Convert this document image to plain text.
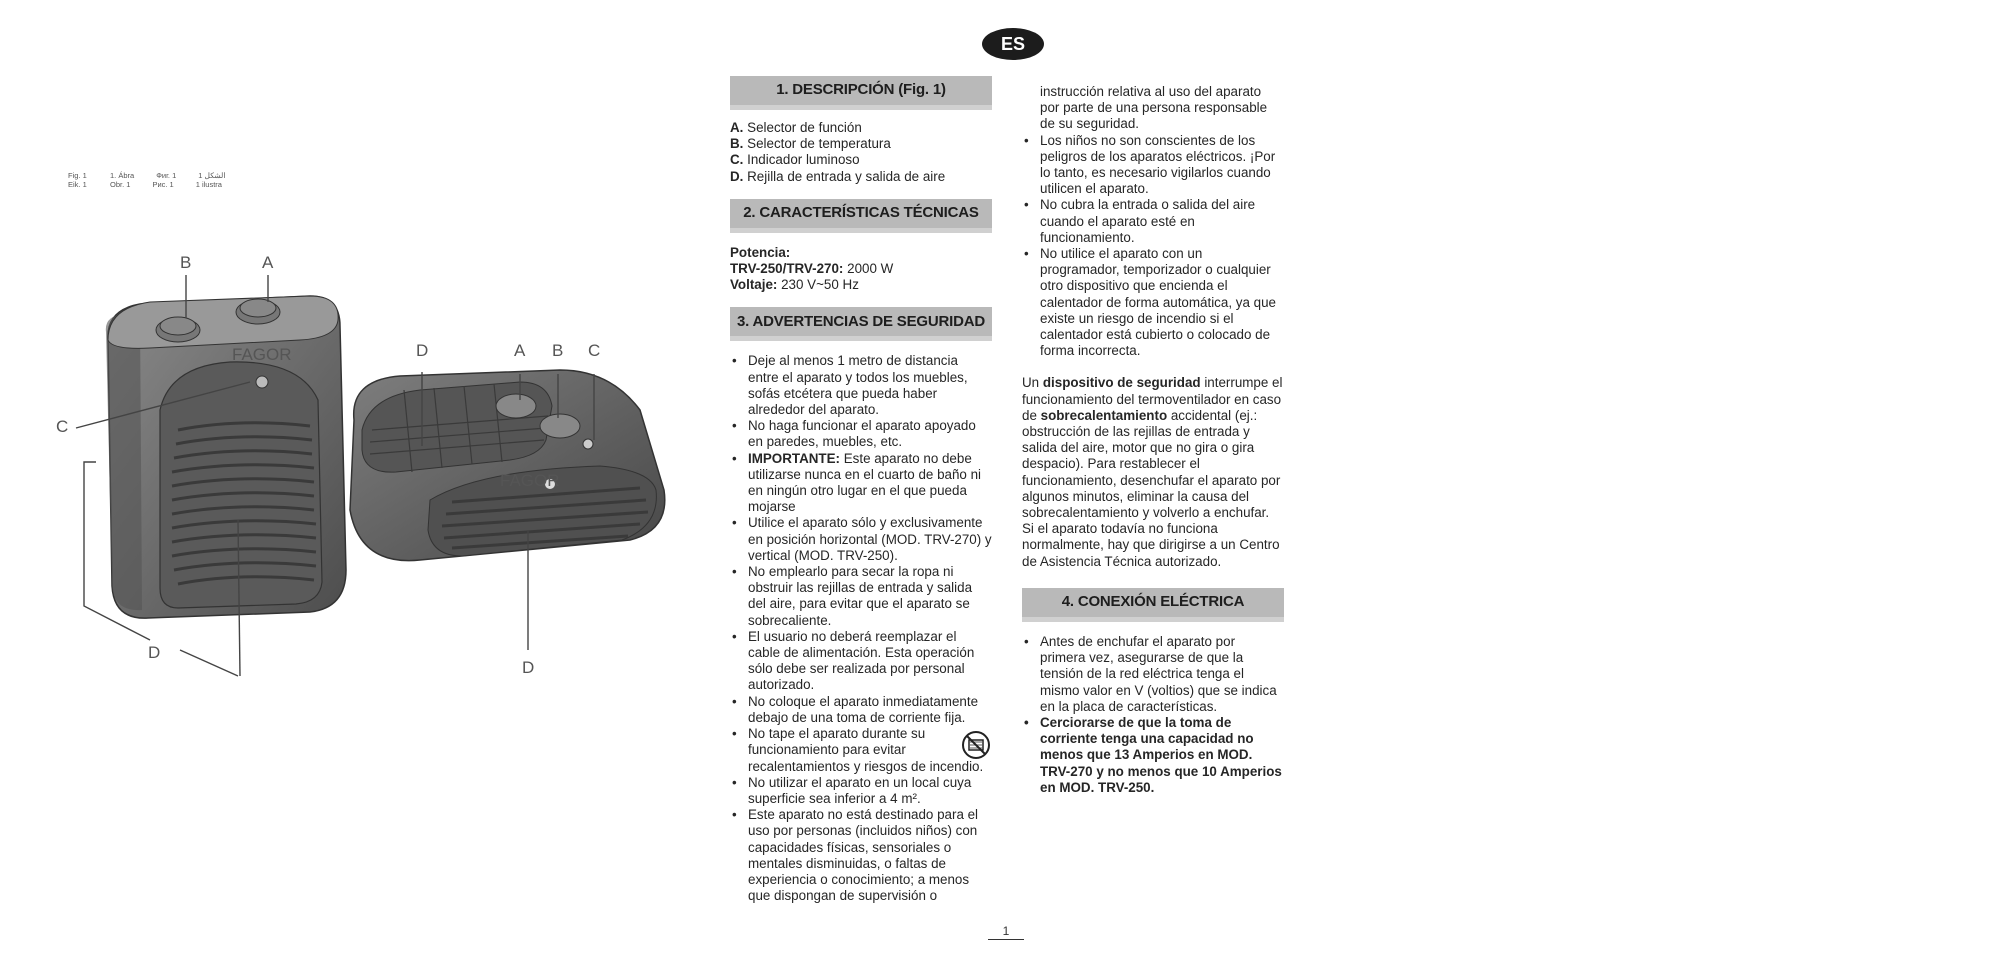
Fig. 1	1. Ábra	Фиг. 1	1 الشكل
Eik. 1	Obr. 1	Рис. 1	1 ilustra
FAGOR
FAGOR
B	A
C
D
D	A B C
D
ES
1. DESCRIPCIÓN (Fig. 1)
A. Selector de función
B. Selector de temperatura
C. Indicador luminoso
D. Rejilla de entrada y salida de aire
2. CARACTERÍSTICAS TÉCNICAS
Potencia:
TRV-250/TRV-270: 2000 W
Voltaje: 230 V~50 Hz
3. ADVERTENCIAS DE SEGURIDAD
• Deje al menos 1 metro de distancia entre el aparato y todos los muebles, sofás etcétera que pueda haber alrededor del aparato.
• No haga funcionar el aparato apoyado en paredes, muebles, etc.
• IMPORTANTE: Este aparato no debe utilizarse nunca en el cuarto de baño ni en ningún otro lugar en el que pueda mojarse
• Utilice el aparato sólo y exclusivamente en posición horizontal (MOD. TRV-270) y vertical (MOD. TRV-250).
• No emplearlo para secar la ropa ni obstruir las rejillas de entrada y salida del aire, para evitar que el aparato se sobrecaliente.
• El usuario no deberá reemplazar el cable de alimentación. Esta operación sólo debe ser realizada por personal autorizado.
• No coloque el aparato inmediatamente debajo de una toma de corriente fija.
• No tape el aparato durante su funcionamiento para evitar recalentamientos y riesgos de incendio.
• No utilizar el aparato en un local cuya superficie sea inferior a 4 m².
• Este aparato no está destinado para el uso por personas (incluidos niños) con capacidades físicas, sensoriales o mentales disminuidas, o faltas de experiencia o conocimiento; a menos que dispongan de supervisión o
instrucción relativa al uso del aparato por parte de una persona responsable de su seguridad.
• Los niños no son conscientes de los peligros de los aparatos eléctricos. ¡Por lo tanto, es necesario vigilarlos cuando utilicen el aparato.
• No cubra la entrada o salida del aire cuando el aparato esté en funcionamiento.
• No utilice el aparato con un programador, temporizador o cualquier otro dispositivo que encienda el calentador de forma automática, ya que existe un riesgo de incendio si el calentador está cubierto o colocado de forma incorrecta.

Un dispositivo de seguridad interrumpe el funcionamiento del termoventilador en caso de sobrecalentamiento accidental (ej.: obstrucción de las rejillas de entrada y salida del aire, motor que no gira o gira despacio). Para restablecer el funcionamiento, desenchufar el aparato por algunos minutos, eliminar la causa del sobrecalentamiento y volverlo a enchufar. Si el aparato todavía no funciona normalmente, hay que dirigirse a un Centro de Asistencia Técnica autorizado.

4. CONEXIÓN ELÉCTRICA
• Antes de enchufar el aparato por primera vez, asegurarse de que la tensión de la red eléctrica tenga el mismo valor en V (voltios) que se indica en la placa de características.
• Cerciorarse de que la toma de corriente tenga una capacidad no menos que 13 Amperios en MOD. TRV-270 y no menos que 10 Amperios en MOD. TRV-250.
1
